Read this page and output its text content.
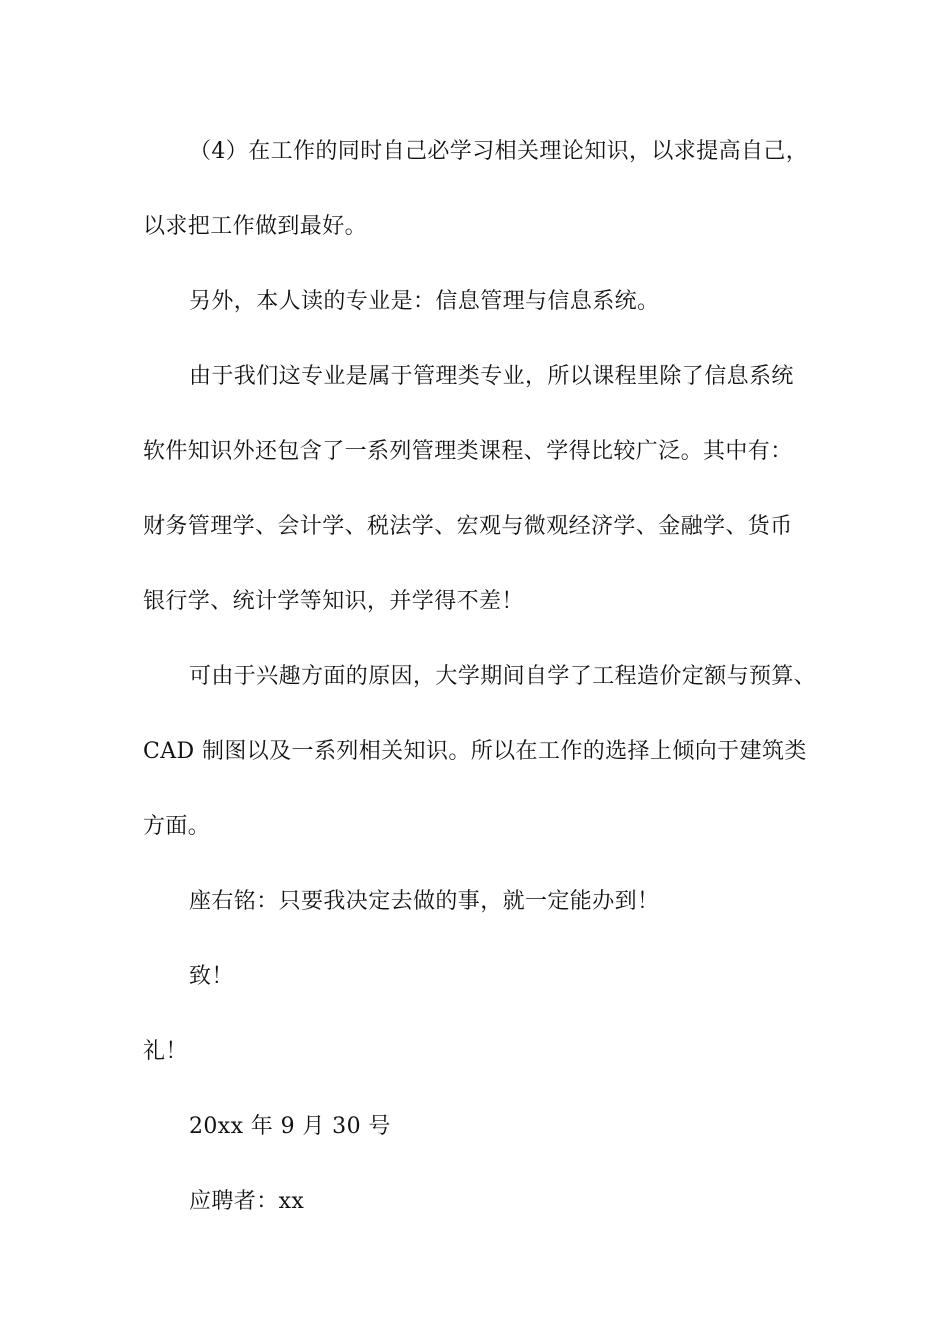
（4）在工作的同时自己必学习相关理论知识，以求提高自己，
以求把工作做到最好。
另外，本人读的专业是：信息管理与信息系统。
由于我们这专业是属于管理类专业，所以课程里除了信息系统
软件知识外还包含了一系列管理类课程、学得比较广泛。其中有：
财务管理学、会计学、税法学、宏观与微观经济学、金融学、货币
银行学、统计学等知识，并学得不差！
可由于兴趣方面的原因，大学期间自学了工程造价定额与预算、
CAD 制图以及一系列相关知识。所以在工作的选择上倾向于建筑类
方面。
座右铭：只要我决定去做的事，就一定能办到！
致！
礼！
20xx 年 9 月 30 号
应聘者：xx
